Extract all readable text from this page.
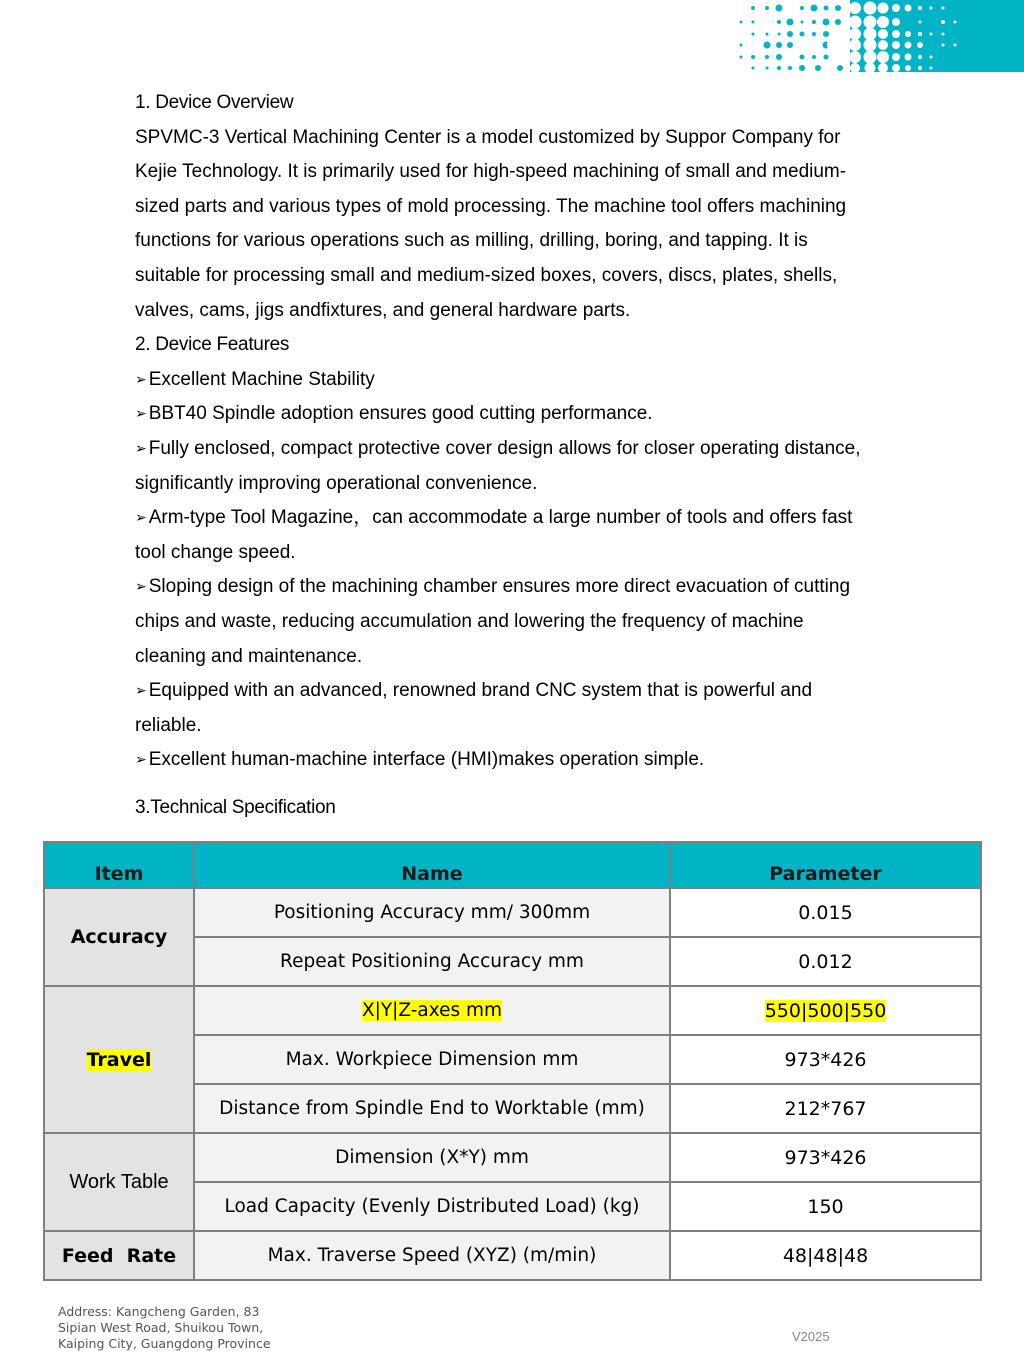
1. Device Overview

SPVMC-3 Vertical Machining Center is a model customized by Suppor Company for

Kejie Technology. It is primarily used for high-speed machining of small and medium-

sized parts and various types of mold processing. The machine tool offers machining

functions for various operations such as milling, drilling, boring, and tapping. It is

suitable for processing small and medium-sized boxes, covers, discs, plates, shells,

valves, cams, jigs andfixtures, and general hardware parts.

2. Device Features

➢ Excellent Machine Stability

➢ BBT40 Spindle adoption ensures good cutting performance.

➢ Fully enclosed, compact protective cover design allows for closer operating distance,

significantly improving operational convenience.

➢ Arm-type Tool Magazine，can accommodate a large number of tools and offers fast

tool change speed.

➢ Sloping design of the machining chamber ensures more direct evacuation of cutting

chips and waste, reducing accumulation and lowering the frequency of machine

cleaning and maintenance.

➢ Equipped with an advanced, renowned brand CNC system that is powerful and

reliable.

➢ Excellent human-machine interface (HMI)makes operation simple.

3.Technical Specification
Item	Name	Parameter
Accuracy	Positioning Accuracy mm/ 300mm	0.015
	Repeat Positioning Accuracy mm	0.012
Travel	X|Y|Z-axes mm	550|500|550
	Max. Workpiece Dimension mm	973*426
	Distance from Spindle End to Worktable (mm)	212*767
Work Table	Dimension (X*Y) mm	973*426
	Load Capacity (Evenly Distributed Load) (kg)	150
Feed  Rate	Max. Traverse Speed (XYZ) (m/min)	48|48|48
Address: Kangcheng Garden, 83
Sipian West Road, Shuikou Town,
Kaiping City, Guangdong Province	V2025
